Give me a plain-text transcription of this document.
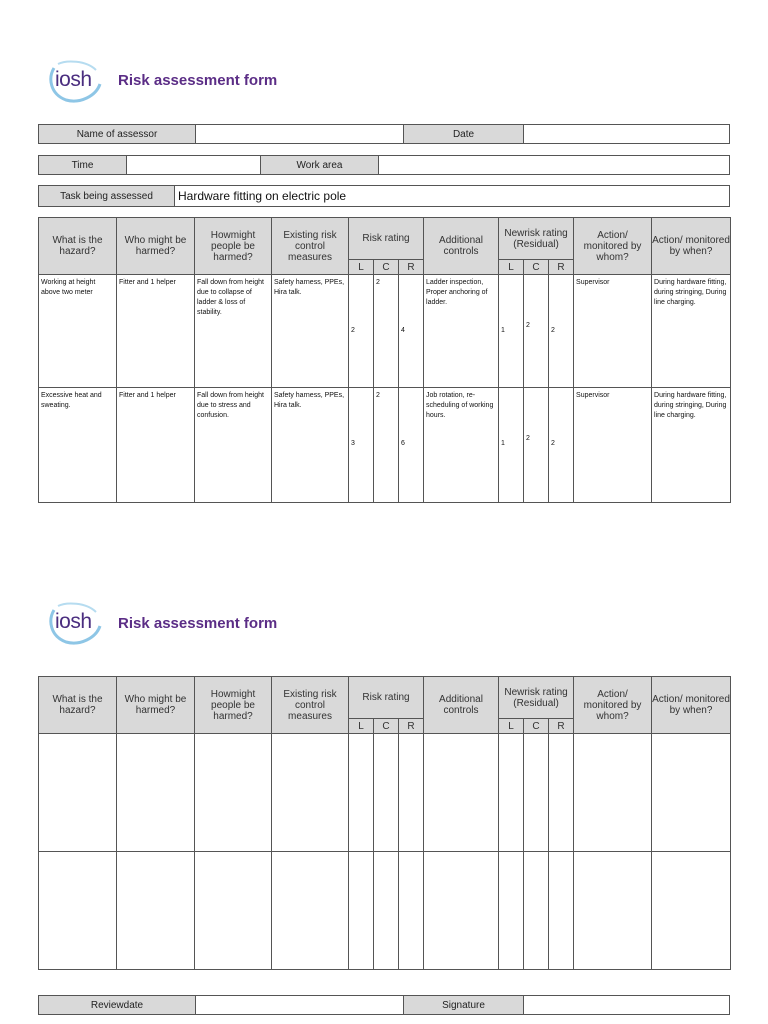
iosh Risk assessment form
Name of assessor		Date	
Time		Work area	
Task being assessed	Hardware fitting on electric pole
What is the hazard?	Who might be harmed?	Howmight people be harmed?	Existing risk control measures	Risk rating			Additional controls	Newrisk rating (Residual)			Action/ monitored by whom?	Action/ monitored by when?
				L	C	R		L	C	R		
Working at height above two meter	Fitter and 1 helper	Fall down from height due to collapse of ladder & loss of stability.	Safety harness, PPEs, Hira talk.	2	2	4	Ladder inspection, Proper anchoring of ladder.	1	2	2	Supervisor	During hardware fitting, during stringing, During line charging.
Excessive heat and sweating.	Fitter and 1 helper	Fall down from height due to stress and confusion.	Safety harness, PPEs, Hira talk.	3	2	6	Job rotation, re-scheduling of working hours.	1	2	2	Supervisor	During hardware fitting, during stringing, During line charging.
iosh Risk assessment form
What is the hazard?	Who might be harmed?	Howmight people be harmed?	Existing risk control measures	Risk rating			Additional controls	Newrisk rating (Residual)			Action/ monitored by whom?	Action/ monitored by when?
				L	C	R		L	C	R		

Reviewdate		Signature	
